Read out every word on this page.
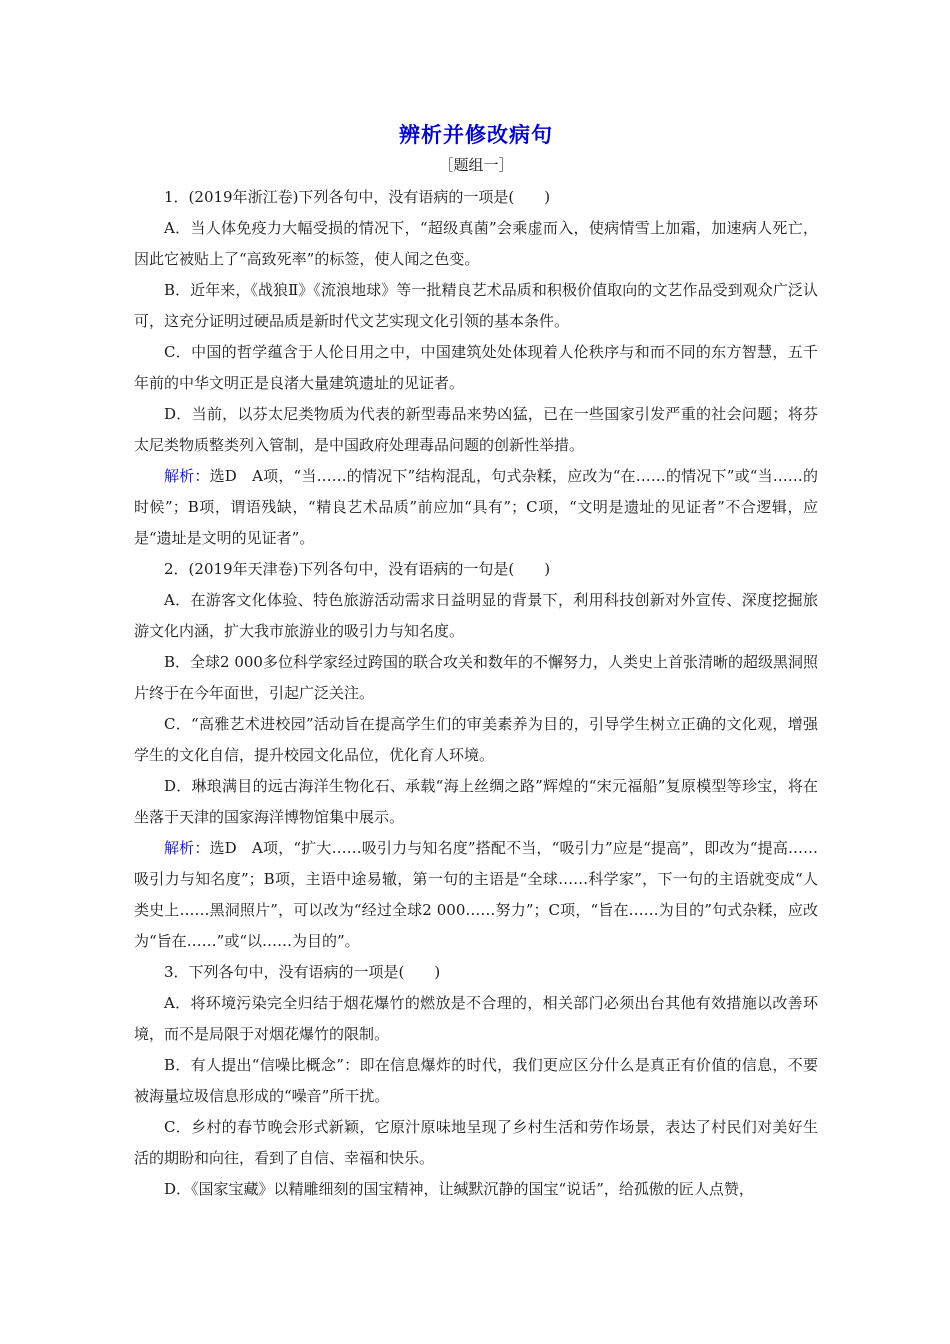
辨析并修改病句
［题组一］

1．(2019年浙江卷)下列各句中，没有语病的一项是(　　)

A．当人体免疫力大幅受损的情况下，“超级真菌”会乘虚而入，使病情雪上加霜，加速病人死亡，因此它被贴上了“高致死率”的标签，使人闻之色变。

B．近年来，《战狼Ⅱ》《流浪地球》等一批精良艺术品质和积极价值取向的文艺作品受到观众广泛认可，这充分证明过硬品质是新时代文艺实现文化引领的基本条件。

C．中国的哲学蕴含于人伦日用之中，中国建筑处处体现着人伦秩序与和而不同的东方智慧，五千年前的中华文明正是良渚大量建筑遗址的见证者。

D．当前，以芬太尼类物质为代表的新型毒品来势凶猛，已在一些国家引发严重的社会问题；将芬太尼类物质整类列入管制，是中国政府处理毒品问题的创新性举措。

解析：选D　A项，“当……的情况下”结构混乱，句式杂糅，应改为“在……的情况下”或“当……的时候”；B项，谓语残缺，“精良艺术品质”前应加“具有”；C项，“文明是遗址的见证者”不合逻辑，应是“遗址是文明的见证者”。

2．(2019年天津卷)下列各句中，没有语病的一句是(　　)

A．在游客文化体验、特色旅游活动需求日益明显的背景下，利用科技创新对外宣传、深度挖掘旅游文化内涵，扩大我市旅游业的吸引力与知名度。

B．全球2 000多位科学家经过跨国的联合攻关和数年的不懈努力，人类史上首张清晰的超级黑洞照片终于在今年面世，引起广泛关注。

C．“高雅艺术进校园”活动旨在提高学生们的审美素养为目的，引导学生树立正确的文化观，增强学生的文化自信，提升校园文化品位，优化育人环境。

D．琳琅满目的远古海洋生物化石、承载“海上丝绸之路”辉煌的“宋元福船”复原模型等珍宝，将在坐落于天津的国家海洋博物馆集中展示。

解析：选D　A项，“扩大……吸引力与知名度”搭配不当，“吸引力”应是“提高”，即改为“提高……吸引力与知名度”；B项，主语中途易辙，第一句的主语是“全球……科学家”，下一句的主语就变成“人类史上……黑洞照片”，可以改为“经过全球2 000……努力”；C项，“旨在……为目的”句式杂糅，应改为“旨在……”或“以……为目的”。

3．下列各句中，没有语病的一项是(　　)

A．将环境污染完全归结于烟花爆竹的燃放是不合理的，相关部门必须出台其他有效措施以改善环境，而不是局限于对烟花爆竹的限制。

B．有人提出“信噪比概念”：即在信息爆炸的时代，我们更应区分什么是真正有价值的信息，不要被海量垃圾信息形成的“噪音”所干扰。

C．乡村的春节晚会形式新颖，它原汁原味地呈现了乡村生活和劳作场景，表达了村民们对美好生活的期盼和向往，看到了自信、幸福和快乐。

D．《国家宝藏》以精雕细刻的国宝精神，让缄默沉静的国宝“说话”，给孤傲的匠人点赞，
